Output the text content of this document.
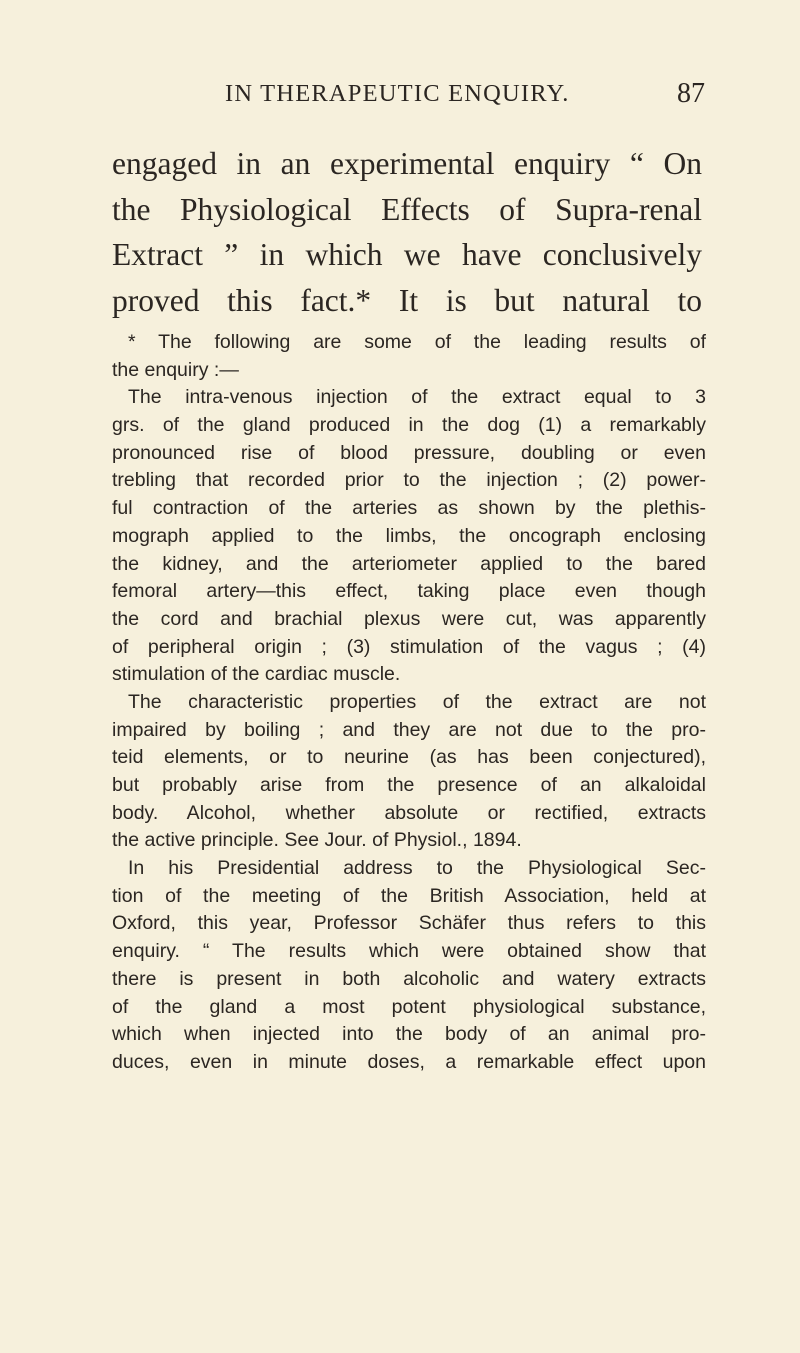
IN THERAPEUTIC ENQUIRY.	87
engaged in an experimental enquiry “ On
the Physiological Effects of Supra-renal
Extract ” in which we have conclusively
proved this fact.* It is but natural to
* The following are some of the leading results of
the enquiry :—
The intra-venous injection of the extract equal to 3
grs. of the gland produced in the dog (1) a remarkably
pronounced rise of blood pressure, doubling or even
trebling that recorded prior to the injection ; (2) power-
ful contraction of the arteries as shown by the plethis-
mograph applied to the limbs, the oncograph enclosing
the kidney, and the arteriometer applied to the bared
femoral artery—this effect, taking place even though
the cord and brachial plexus were cut, was apparently
of peripheral origin ; (3) stimulation of the vagus ; (4)
stimulation of the cardiac muscle.
The characteristic properties of the extract are not
impaired by boiling ; and they are not due to the pro-
teid elements, or to neurine (as has been conjectured),
but probably arise from the presence of an alkaloidal
body. Alcohol, whether absolute or rectified, extracts
the active principle. See Jour. of Physiol., 1894.
In his Presidential address to the Physiological Sec-
tion of the meeting of the British Association, held at
Oxford, this year, Professor Schäfer thus refers to this
enquiry. “ The results which were obtained show that
there is present in both alcoholic and watery extracts
of the gland a most potent physiological substance,
which when injected into the body of an animal pro-
duces, even in minute doses, a remarkable effect upon
